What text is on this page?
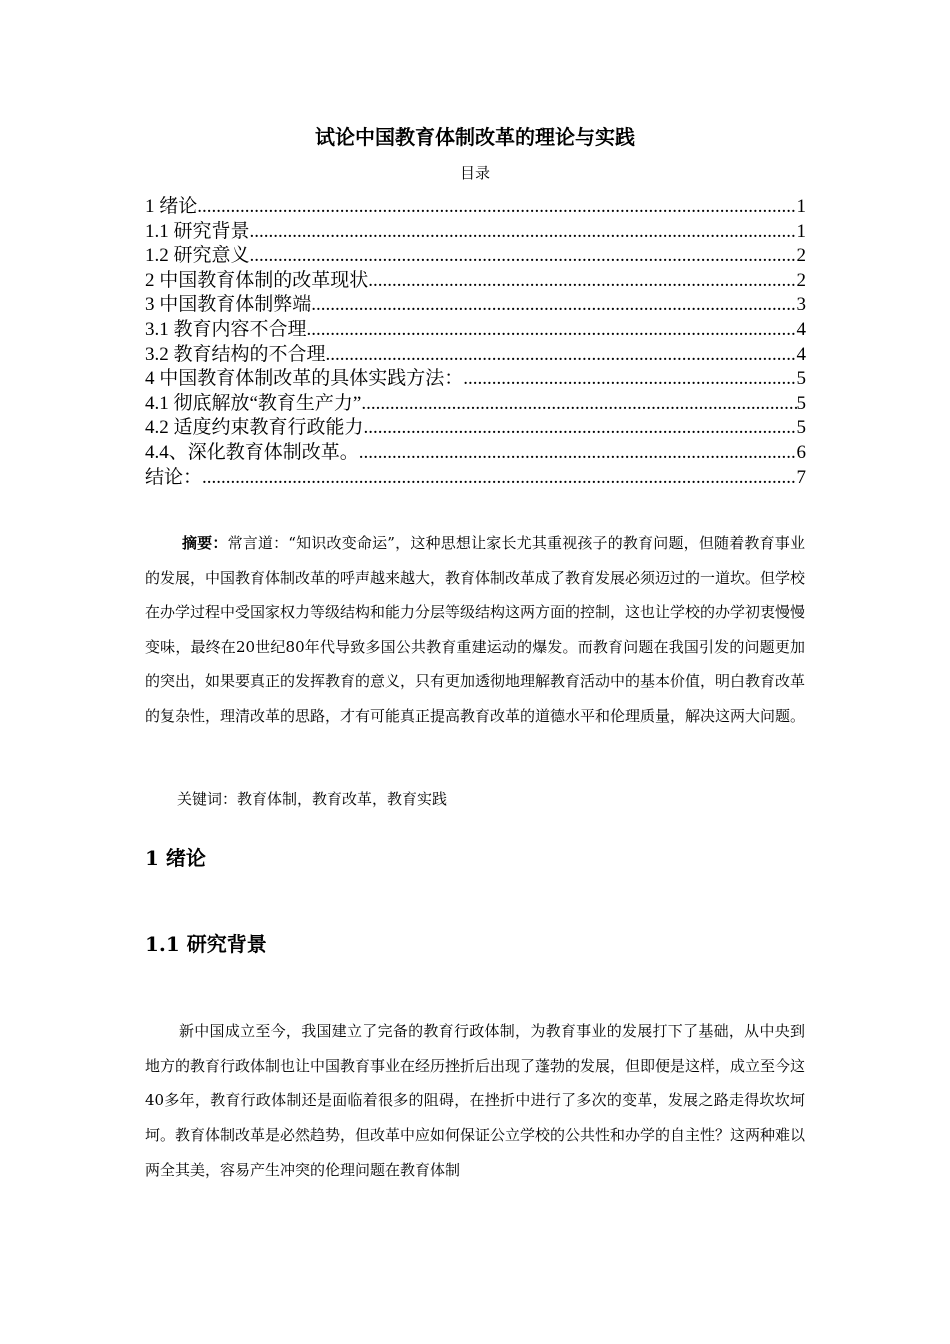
试论中国教育体制改革的理论与实践
目录
1 绪论 .....	1
1.1 研究背景 .....	1
1.2 研究意义 .....	2
2 中国教育体制的改革现状 .....	2
3 中国教育体制弊端 .....	3
3.1 教育内容不合理 .....	4
3.2 教育结构的不合理 .....	4
4 中国教育体制改革的具体实践方法： .....	5
4.1 彻底解放“教育生产力” .....	5
4.2 适度约束教育行政能力 .....	5
4.4、深化教育体制改革。 .....	6
结论： .....	7

摘要：常言道：“知识改变命运”，这种思想让家长尤其重视孩子的教育问题，但随着教育事业的发展，中国教育体制改革的呼声越来越大，教育体制改革成了教育发展必须迈过的一道坎。但学校在办学过程中受国家权力等级结构和能力分层等级结构这两方面的控制，这也让学校的办学初衷慢慢变味，最终在20世纪80年代导致多国公共教育重建运动的爆发。而教育问题在我国引发的问题更加的突出，如果要真正的发挥教育的意义，只有更加透彻地理解教育活动中的基本价值，明白教育改革的复杂性，理清改革的思路，才有可能真正提高教育改革的道德水平和伦理质量，解决这两大问题。

关键词：教育体制，教育改革，教育实践

1 绪论
1.1 研究背景

新中国成立至今，我国建立了完备的教育行政体制，为教育事业的发展打下了基础，从中央到地方的教育行政体制也让中国教育事业在经历挫折后出现了蓬勃的发展，但即便是这样，成立至今这40多年，教育行政体制还是面临着很多的阻碍，在挫折中进行了多次的变革，发展之路走得坎坎坷坷。教育体制改革是必然趋势，但改革中应如何保证公立学校的公共性和办学的自主性？这两种难以两全其美，容易产生冲突的伦理问题在教育体制
